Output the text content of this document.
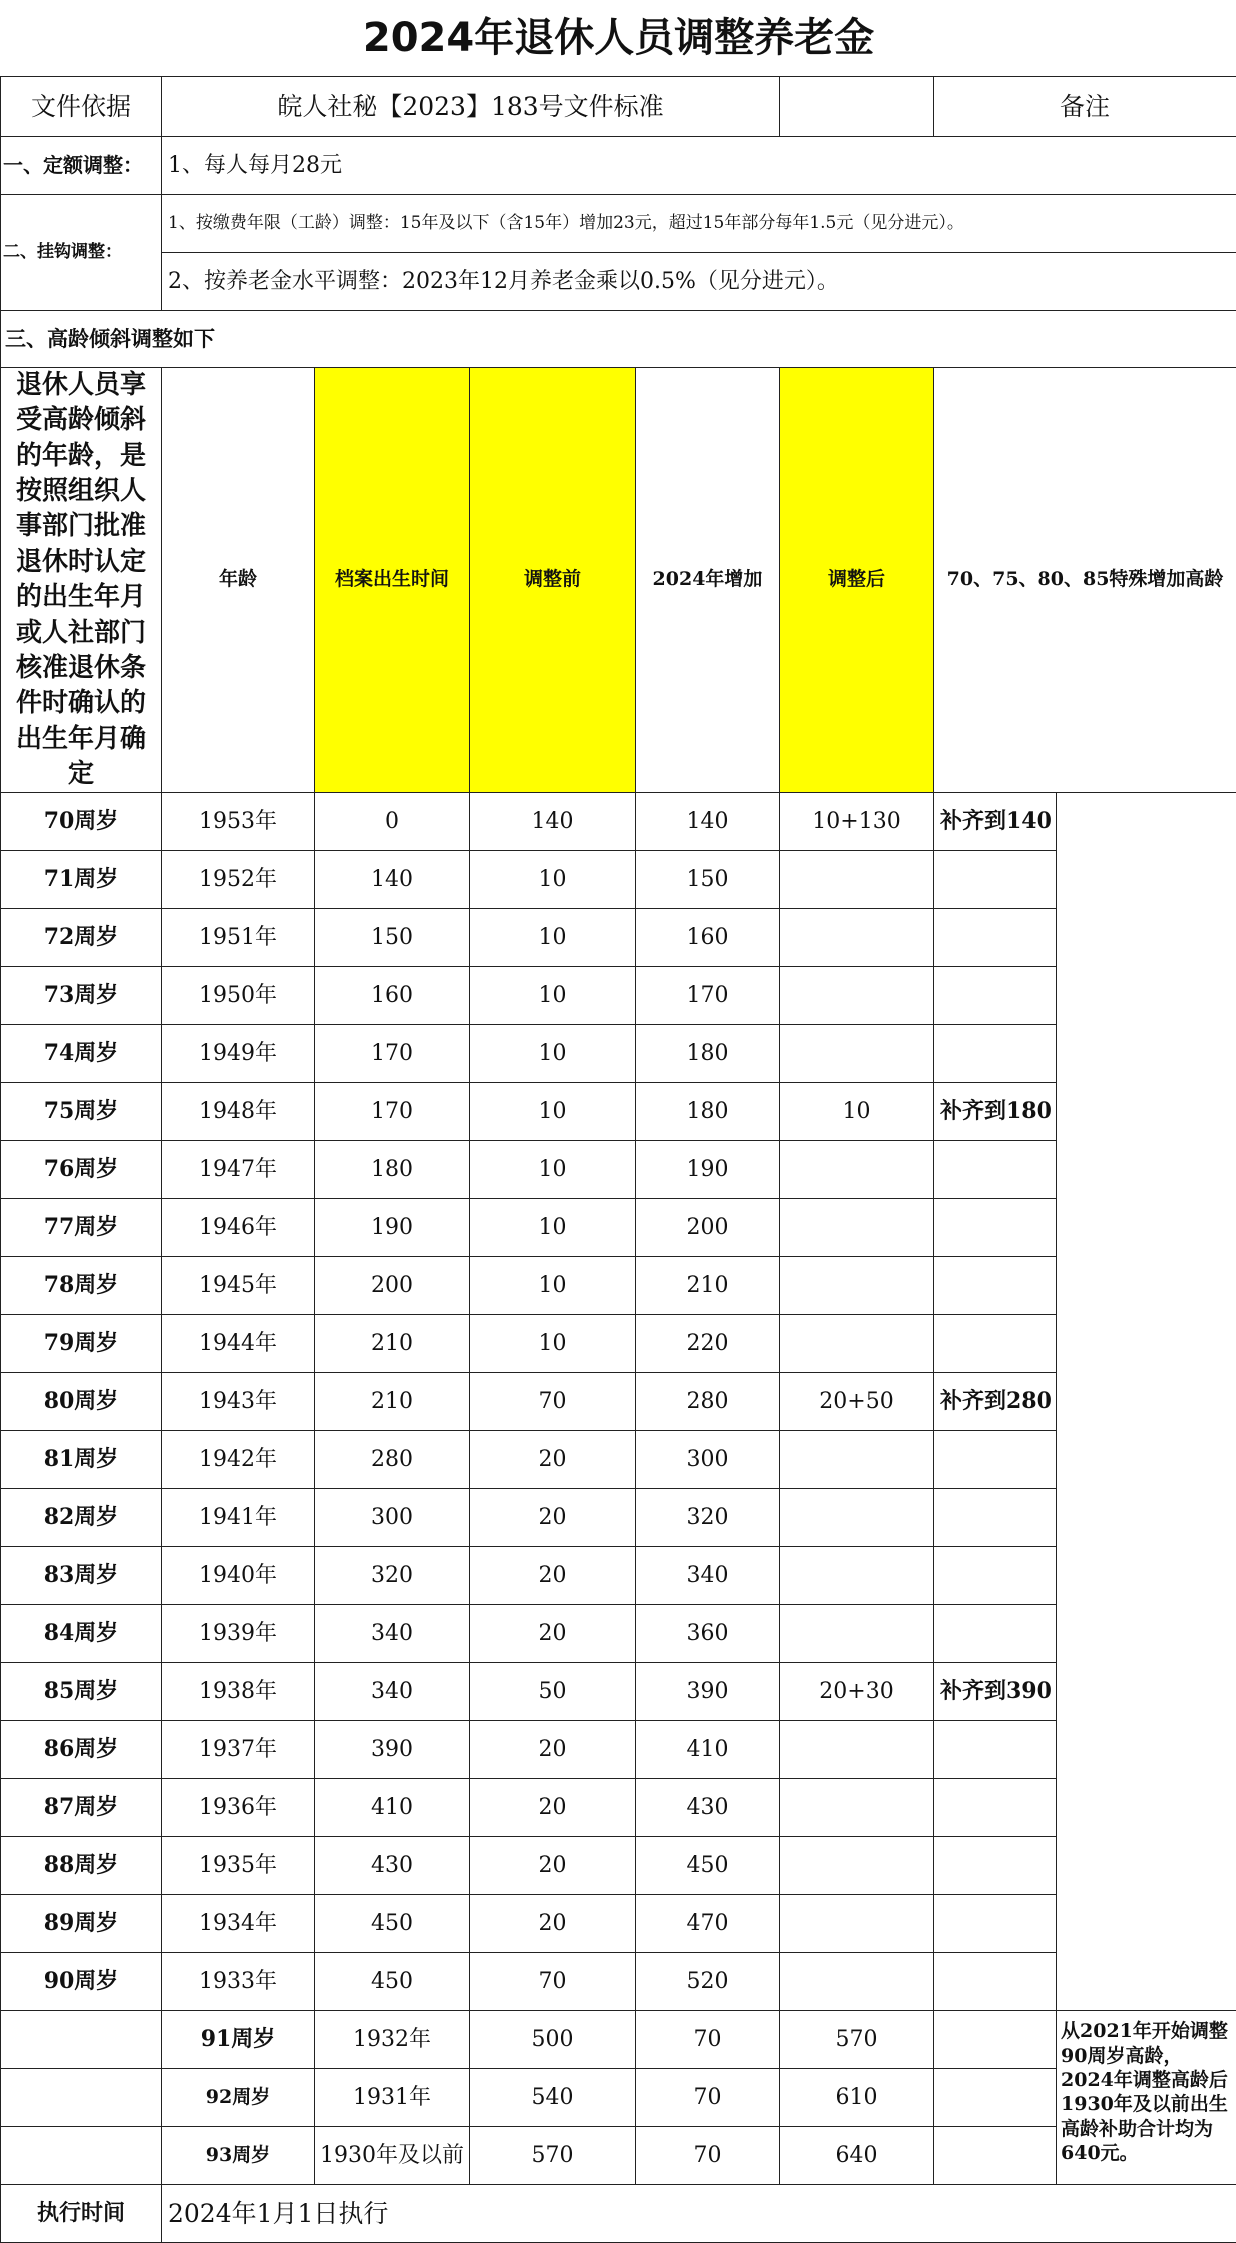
2024年退休人员调整养老金							
文件依据	皖人社秘【2023】183号文件标准					备注	
一、定额调整：	1、每人每月28元						
二、挂钩调整：	1、按缴费年限（工龄）调整：15年及以下（含15年）增加23元，超过15年部分每年1.5元（见分进元）。						
	2、按养老金水平调整：2023年12月养老金乘以0.5%（见分进元）。						
三、高龄倾斜调整如下							
退休人员享受高龄倾斜的年龄，是按照组织人事部门批准退休时认定的出生年月或人社部门核准退休条件时确认的出生年月确定	年龄	档案出生时间	调整前	2024年增加	调整后	70、75、80、85特殊增加高龄	
70周岁	1953年	0	140	140	10+130	补齐到140	
71周岁	1952年	140	10	150			
72周岁	1951年	150	10	160			
73周岁	1950年	160	10	170			
74周岁	1949年	170	10	180			
75周岁	1948年	170	10	180	10	补齐到180	
76周岁	1947年	180	10	190			
77周岁	1946年	190	10	200			
78周岁	1945年	200	10	210			
79周岁	1944年	210	10	220			
80周岁	1943年	210	70	280	20+50	补齐到280	
81周岁	1942年	280	20	300			
82周岁	1941年	300	20	320			
83周岁	1940年	320	20	340			
84周岁	1939年	340	20	360			
85周岁	1938年	340	50	390	20+30	补齐到390	
86周岁	1937年	390	20	410			
87周岁	1936年	410	20	430			
88周岁	1935年	430	20	450			
89周岁	1934年	450	20	470			
90周岁	1933年	450	70	520			
	91周岁	1932年	500	70	570		从2021年开始调整90周岁高龄，2024年调整高龄后1930年及以前出生高龄补助合计均为640元。
	92周岁	1931年	540	70	610		
	93周岁	1930年及以前	570	70	640		
执行时间	2024年1月1日执行						
